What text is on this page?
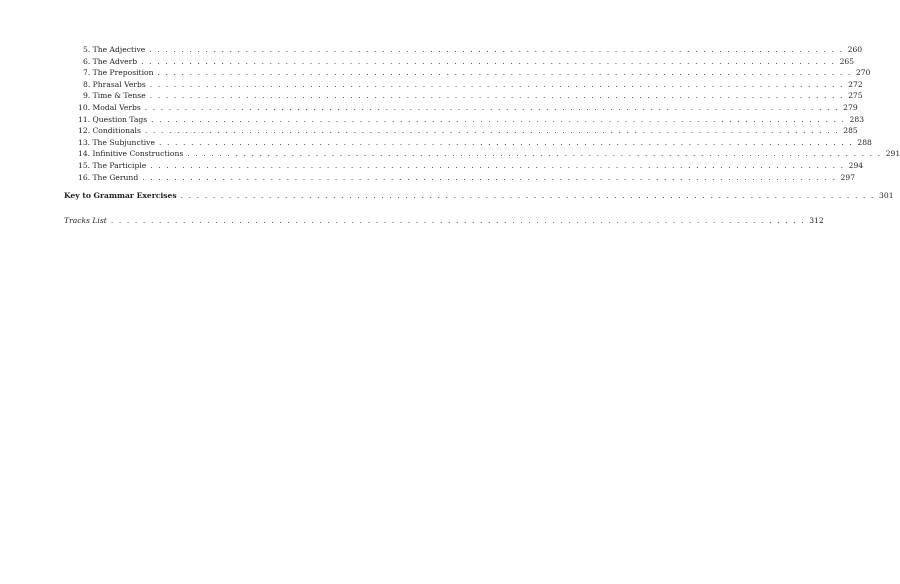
5. The Adjective . . . . . . . . . . . . . . . . . . . . . . . . . . . . . . . . . . . . . . . . . . . . . . . . . . . . . . . . . . . . . . . . . . . . . . . . . . . . . . . . . . . . . . . 260
6. The Adverb . . . . . . . . . . . . . . . . . . . . . . . . . . . . . . . . . . . . . . . . . . . . . . . . . . . . . . . . . . . . . . . . . . . . . . . . . . . . . . . . . . . . . . . 265
7. The Preposition . . . . . . . . . . . . . . . . . . . . . . . . . . . . . . . . . . . . . . . . . . . . . . . . . . . . . . . . . . . . . . . . . . . . . . . . . . . . . . . . . . . . . . . 270
8. Phrasal Verbs . . . . . . . . . . . . . . . . . . . . . . . . . . . . . . . . . . . . . . . . . . . . . . . . . . . . . . . . . . . . . . . . . . . . . . . . . . . . . . . . . . . . . . . 272
9. Time & Tense . . . . . . . . . . . . . . . . . . . . . . . . . . . . . . . . . . . . . . . . . . . . . . . . . . . . . . . . . . . . . . . . . . . . . . . . . . . . . . . . . . . . . . . 275
10. Modal Verbs . . . . . . . . . . . . . . . . . . . . . . . . . . . . . . . . . . . . . . . . . . . . . . . . . . . . . . . . . . . . . . . . . . . . . . . . . . . . . . . . . . . . . . . 279
11. Question Tags . . . . . . . . . . . . . . . . . . . . . . . . . . . . . . . . . . . . . . . . . . . . . . . . . . . . . . . . . . . . . . . . . . . . . . . . . . . . . . . . . . . . . . . 283
12. Conditionals . . . . . . . . . . . . . . . . . . . . . . . . . . . . . . . . . . . . . . . . . . . . . . . . . . . . . . . . . . . . . . . . . . . . . . . . . . . . . . . . . . . . . . . 285
13. The Subjunctive . . . . . . . . . . . . . . . . . . . . . . . . . . . . . . . . . . . . . . . . . . . . . . . . . . . . . . . . . . . . . . . . . . . . . . . . . . . . . . . . . . . . . . . 288
14. Infinitive Constructions . . . . . . . . . . . . . . . . . . . . . . . . . . . . . . . . . . . . . . . . . . . . . . . . . . . . . . . . . . . . . . . . . . . . . . . . . . . . . . . . . . . . . . . 291
15. The Participle . . . . . . . . . . . . . . . . . . . . . . . . . . . . . . . . . . . . . . . . . . . . . . . . . . . . . . . . . . . . . . . . . . . . . . . . . . . . . . . . . . . . . . . 294
16. The Gerund . . . . . . . . . . . . . . . . . . . . . . . . . . . . . . . . . . . . . . . . . . . . . . . . . . . . . . . . . . . . . . . . . . . . . . . . . . . . . . . . . . . . . . . 297
Key to Grammar Exercises . . . . . . . . . . . . . . . . . . . . . . . . . . . . . . . . . . . . . . . . . . . . . . . . . . . . . . . . . . . . . . . . . . . . . . . . . . . . . . . . . . . . . . . 301
Tracks List . . . . . . . . . . . . . . . . . . . . . . . . . . . . . . . . . . . . . . . . . . . . . . . . . . . . . . . . . . . . . . . . . . . . . . . . . . . . . . . . . . . . . . . 312
